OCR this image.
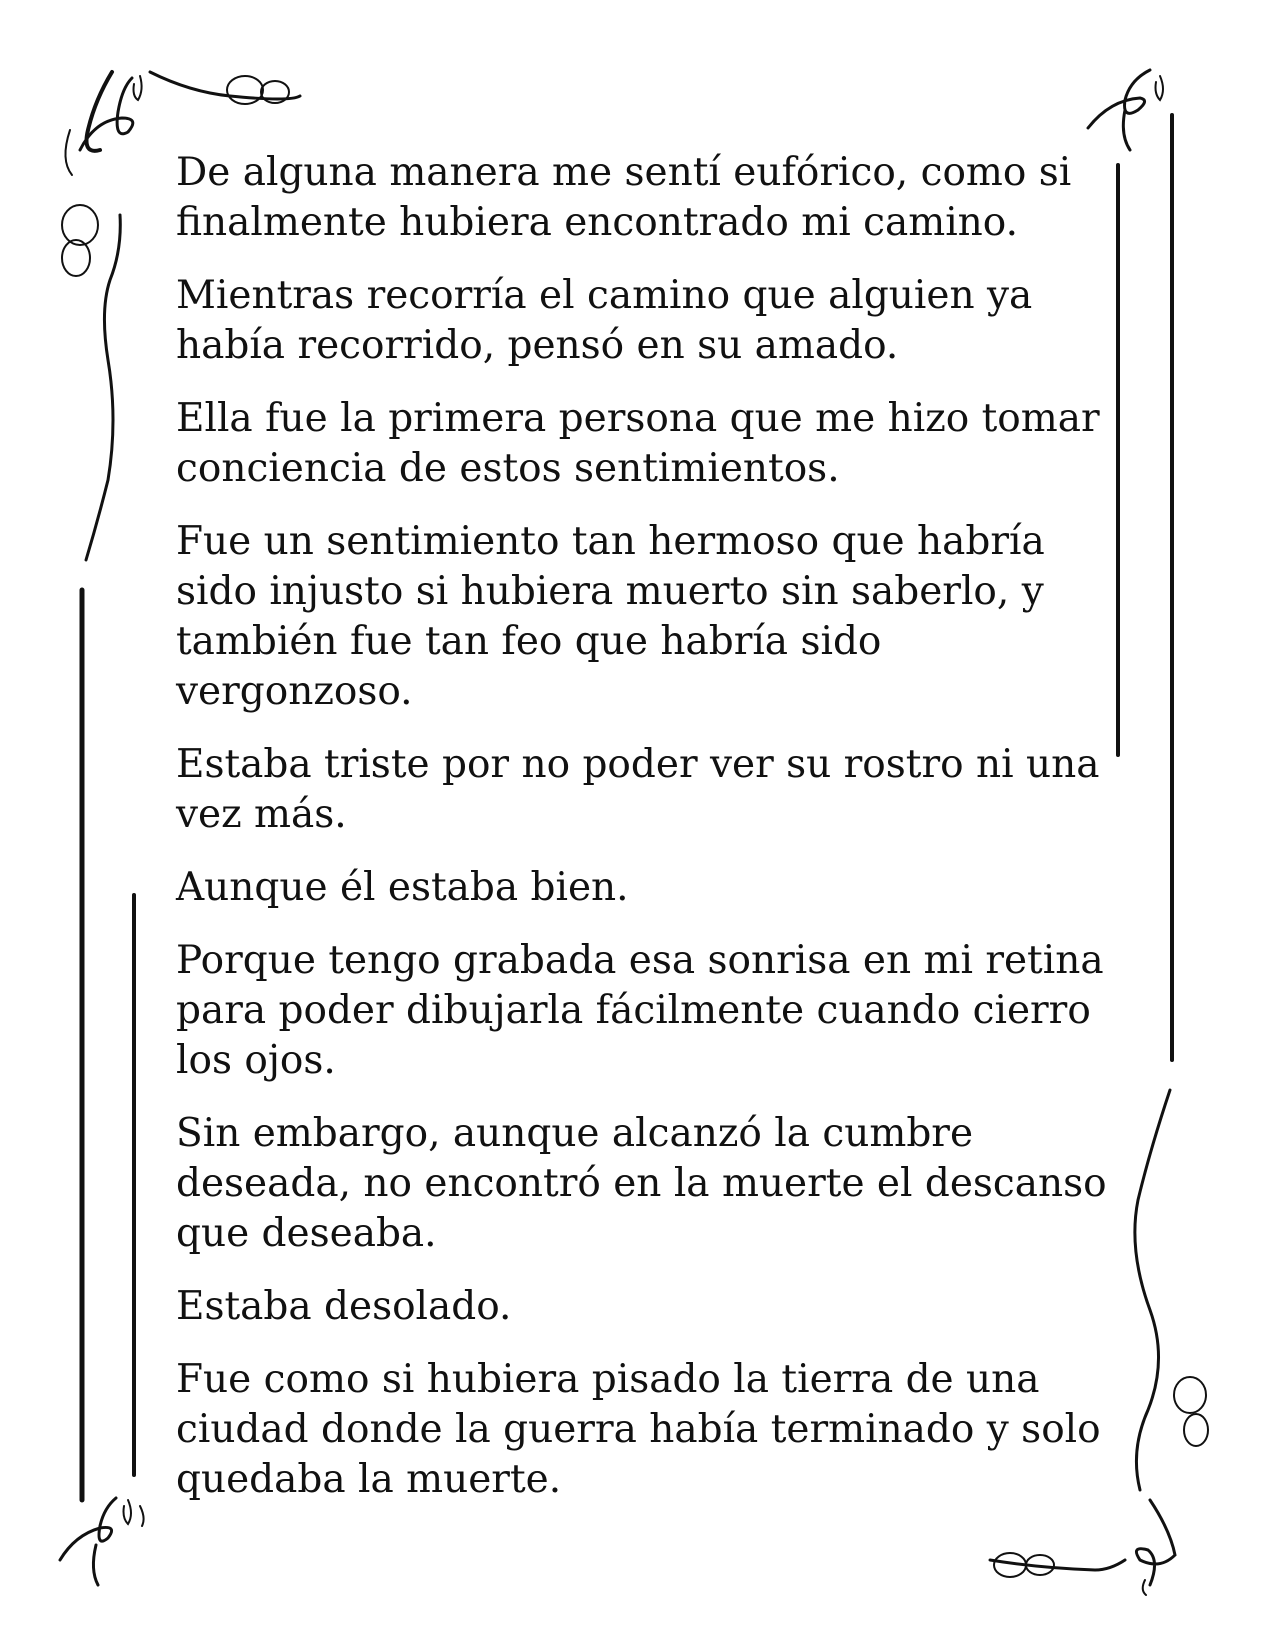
De alguna manera me sentí eufórico, como si
finalmente hubiera encontrado mi camino.

Mientras recorría el camino que alguien ya
había recorrido, pensó en su amado.

Ella fue la primera persona que me hizo tomar
conciencia de estos sentimientos.

Fue un sentimiento tan hermoso que habría
sido injusto si hubiera muerto sin saberlo, y
también fue tan feo que habría sido vergonzoso.

Estaba triste por no poder ver su rostro ni una
vez más.

Aunque él estaba bien.

Porque tengo grabada esa sonrisa en mi retina
para poder dibujarla fácilmente cuando cierro
los ojos.

Sin embargo, aunque alcanzó la cumbre
deseada, no encontró en la muerte el descanso
que deseaba.

Estaba desolado.

Fue como si hubiera pisado la tierra de una
ciudad donde la guerra había terminado y solo
quedaba la muerte.
